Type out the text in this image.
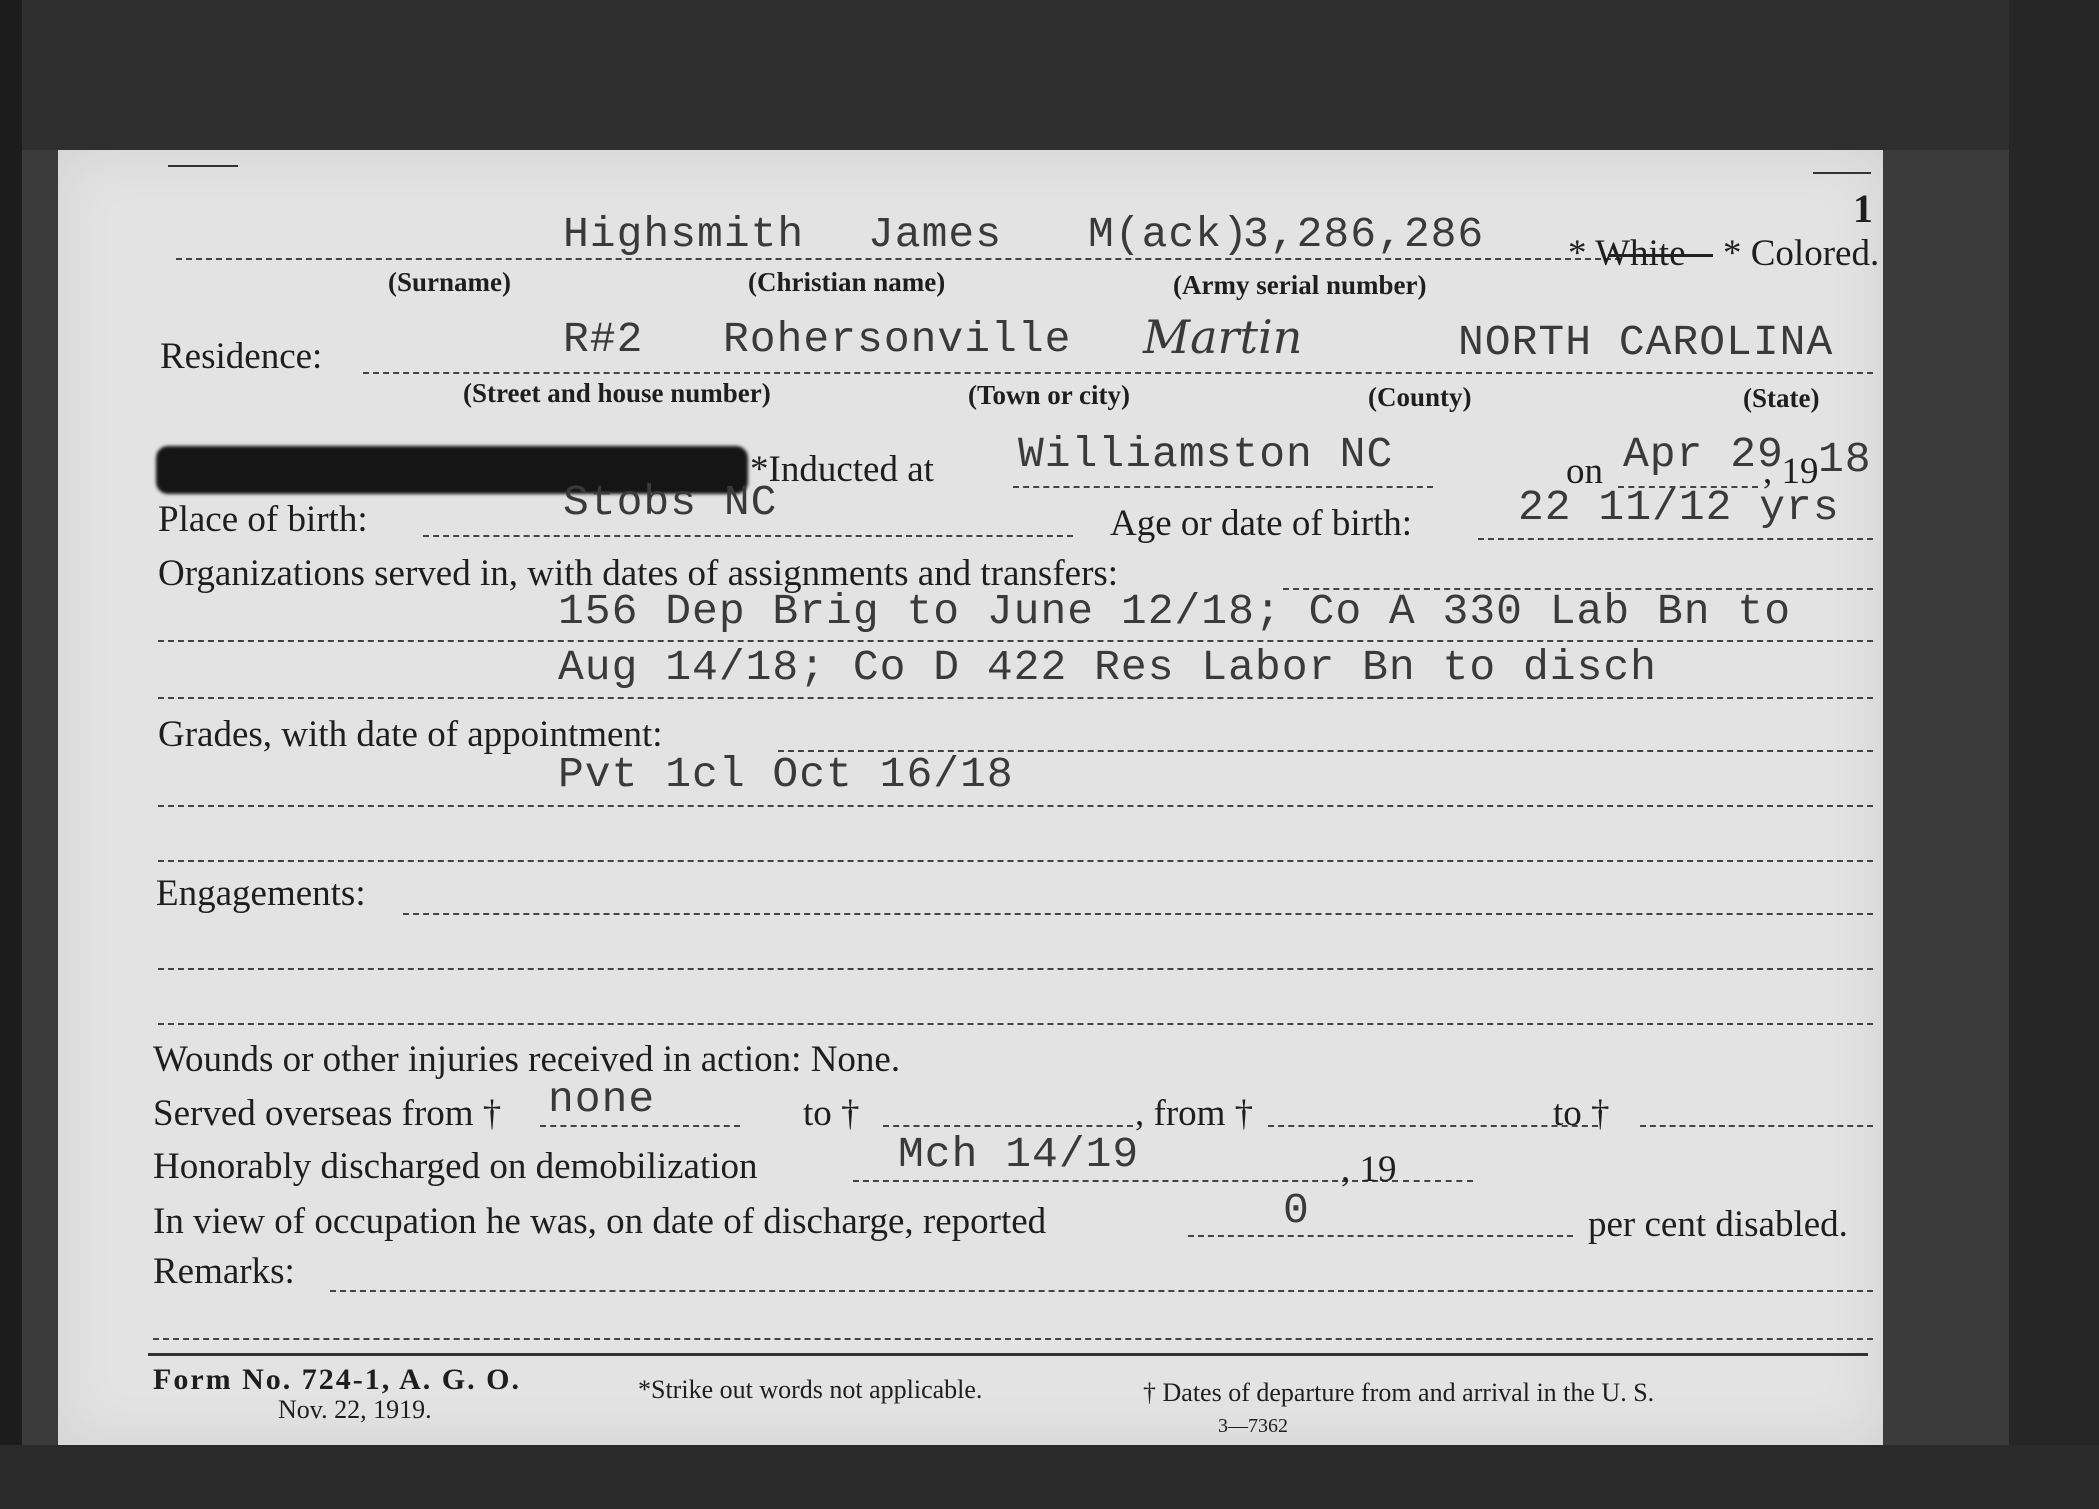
1
Highsmith James M(ack)
3,286,286 * White * Colored.
(Surname)	(Christian name)	(Army serial number)
Residence:	R#2 Rohersonville Martin	NORTH CAROLINA
(Street and house number)	(Town or city)	(County)	(State)
*Inducted at Williamston NC	on Apr 29
, 19 18
Place of birth:	Stobs NC	Age or date of birth: 22 11/12 yrs
Organizations served in, with dates of assignments and transfers:
156 Dep Brig to June 12/18; Co A 330 Lab Bn to
Aug 14/18; Co D 422 Res Labor Bn to disch
Grades, with date of appointment:
Pvt 1cl Oct 16/18
Engagements:
Wounds or other injuries received in action: None.
Served overseas from † none	to †	, from †	to †
Honorably discharged on demobilization	Mch 14/19	, 19
In view of occupation he was, on date of discharge, reported	0	per cent disabled.
Remarks:
Form No. 724-1, A. G. O.
Nov. 22, 1919.
*Strike out words not applicable.	† Dates of departure from and arrival in the U. S.
3—7362
